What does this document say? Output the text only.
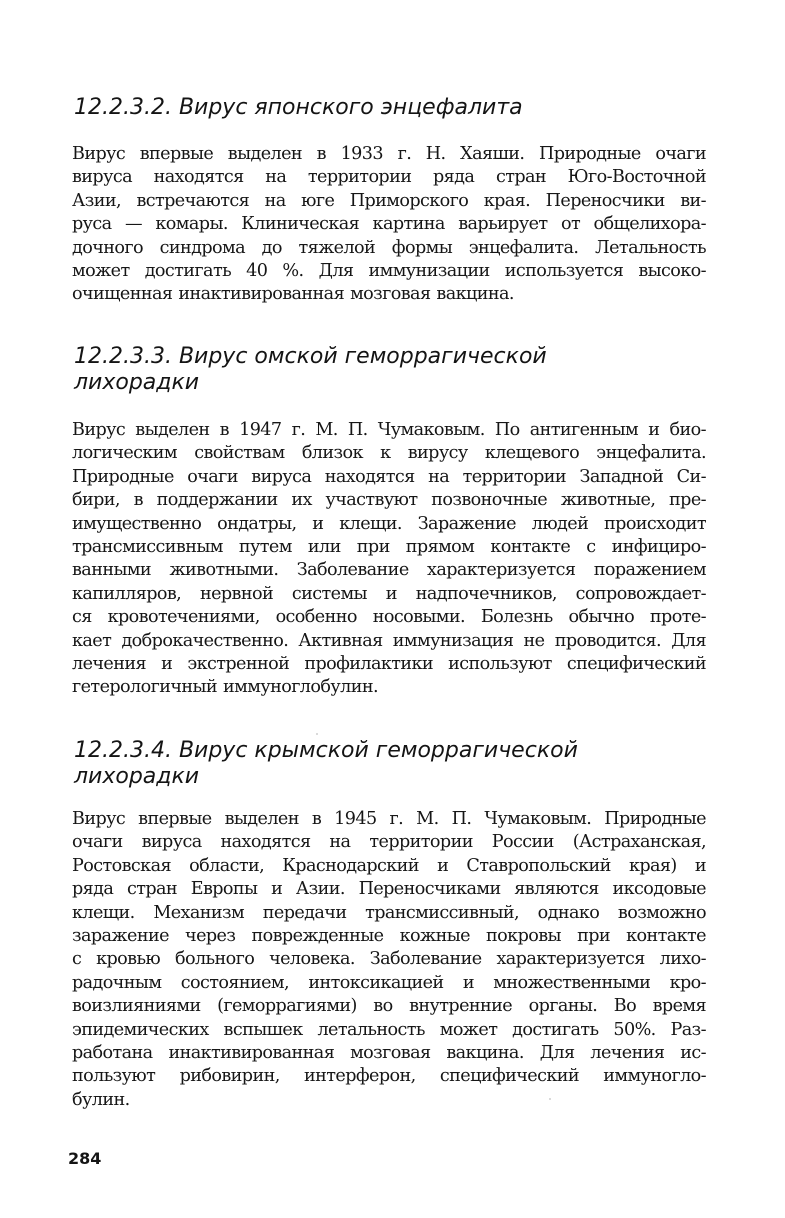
12.2.3.2. Вирус японского энцефалита
Вирус впервые выделен в 1933 г. Н. Хаяши. Природные очаги
вируса находятся на территории ряда стран Юго-Восточной
Азии, встречаются на юге Приморского края. Переносчики ви-
руса — комары. Клиническая картина варьирует от общелихора-
дочного синдрома до тяжелой формы энцефалита. Летальность
может достигать 40 %. Для иммунизации используется высоко-
очищенная инактивированная мозговая вакцина.
12.2.3.3. Вирус омской геморрагической
лихорадки
Вирус выделен в 1947 г. М. П. Чумаковым. По антигенным и био-
логическим свойствам близок к вирусу клещевого энцефалита.
Природные очаги вируса находятся на территории Западной Си-
бири, в поддержании их участвуют позвоночные животные, пре-
имущественно ондатры, и клещи. Заражение людей происходит
трансмиссивным путем или при прямом контакте с инфициро-
ванными животными. Заболевание характеризуется поражением
капилляров, нервной системы и надпочечников, сопровождает-
ся кровотечениями, особенно носовыми. Болезнь обычно проте-
кает доброкачественно. Активная иммунизация не проводится. Для
лечения и экстренной профилактики используют специфический
гетерологичный иммуноглобулин.
12.2.3.4. Вирус крымской геморрагической
лихорадки
Вирус впервые выделен в 1945 г. М. П. Чумаковым. Природные
очаги вируса находятся на территории России (Астраханская,
Ростовская области, Краснодарский и Ставропольский края) и
ряда стран Европы и Азии. Переносчиками являются иксодовые
клещи. Механизм передачи трансмиссивный, однако возможно
заражение через поврежденные кожные покровы при контакте
с кровью больного человека. Заболевание характеризуется лихо-
радочным состоянием, интоксикацией и множественными кро-
воизлияниями (геморрагиями) во внутренние органы. Во время
эпидемических вспышек летальность может достигать 50%. Раз-
работана инактивированная мозговая вакцина. Для лечения ис-
пользуют рибовирин, интерферон, специфический иммуногло-
булин.
284
